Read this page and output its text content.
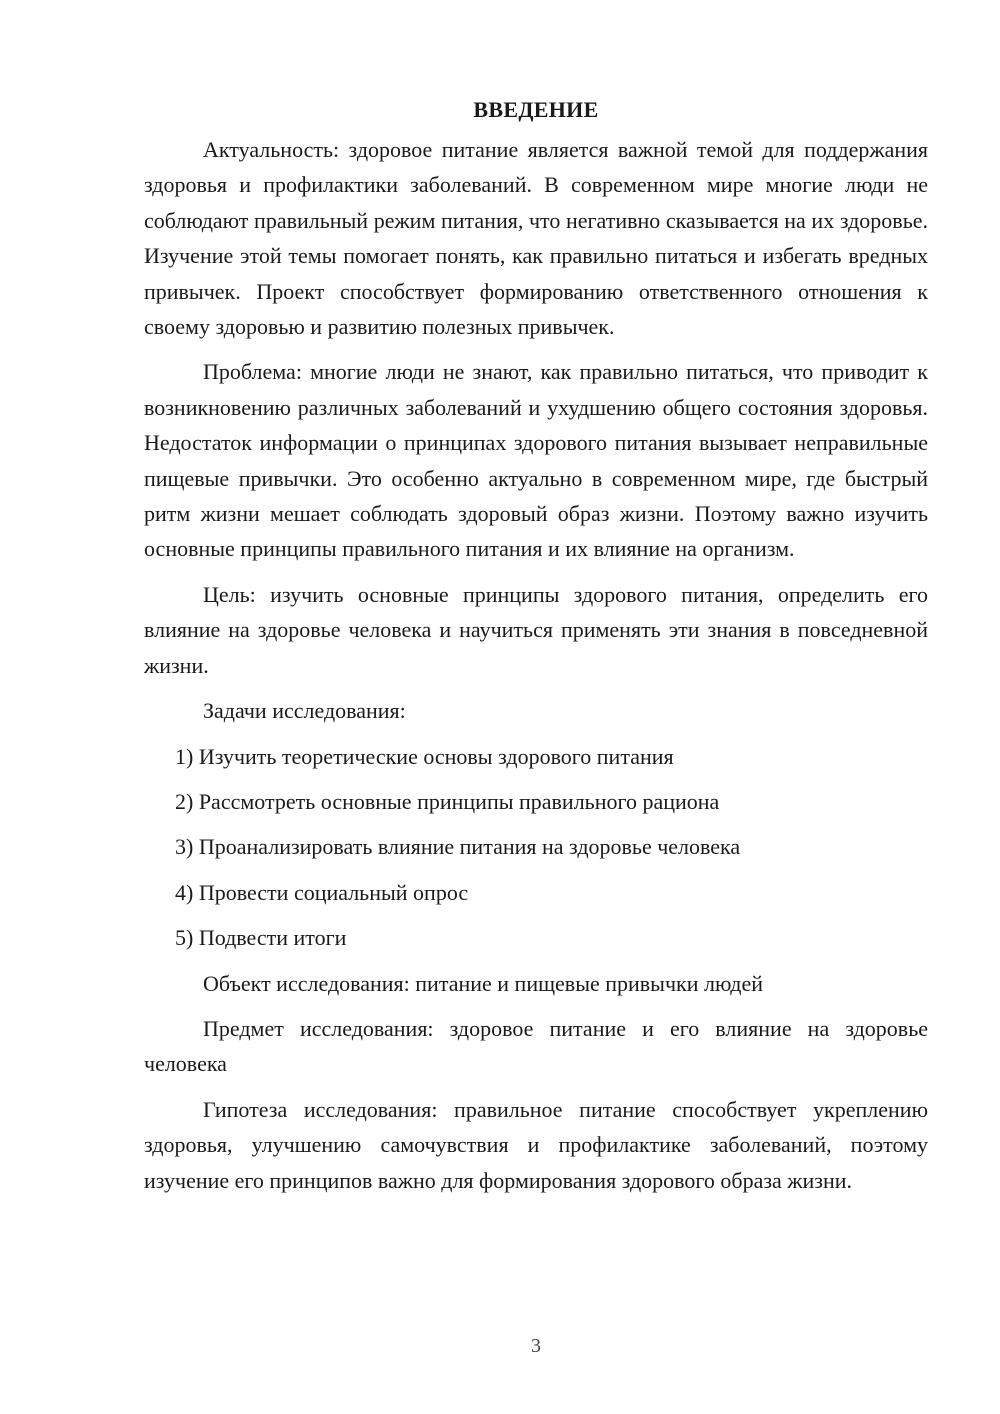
ВВЕДЕНИЕ

Актуальность: здоровое питание является важной темой для поддержания здоровья и профилактики заболеваний. В современном мире многие люди не соблюдают правильный режим питания, что негативно сказывается на их здоровье. Изучение этой темы помогает понять, как правильно питаться и избегать вредных привычек. Проект способствует формированию ответственного отношения к своему здоровью и развитию полезных привычек.

Проблема: многие люди не знают, как правильно питаться, что приводит к возникновению различных заболеваний и ухудшению общего состояния здоровья. Недостаток информации о принципах здорового питания вызывает неправильные пищевые привычки. Это особенно актуально в современном мире, где быстрый ритм жизни мешает соблюдать здоровый образ жизни. Поэтому важно изучить основные принципы правильного питания и их влияние на организм.

Цель: изучить основные принципы здорового питания, определить его влияние на здоровье человека и научиться применять эти знания в повседневной жизни.

Задачи исследования:
1) Изучить теоретические основы здорового питания
2) Рассмотреть основные принципы правильного рациона
3) Проанализировать влияние питания на здоровье человека
4) Провести социальный опрос
5) Подвести итоги

Объект исследования: питание и пищевые привычки людей

Предмет исследования: здоровое питание и его влияние на здоровье человека

Гипотеза исследования: правильное питание способствует укреплению здоровья, улучшению самочувствия и профилактике заболеваний, поэтому изучение его принципов важно для формирования здорового образа жизни.

3
